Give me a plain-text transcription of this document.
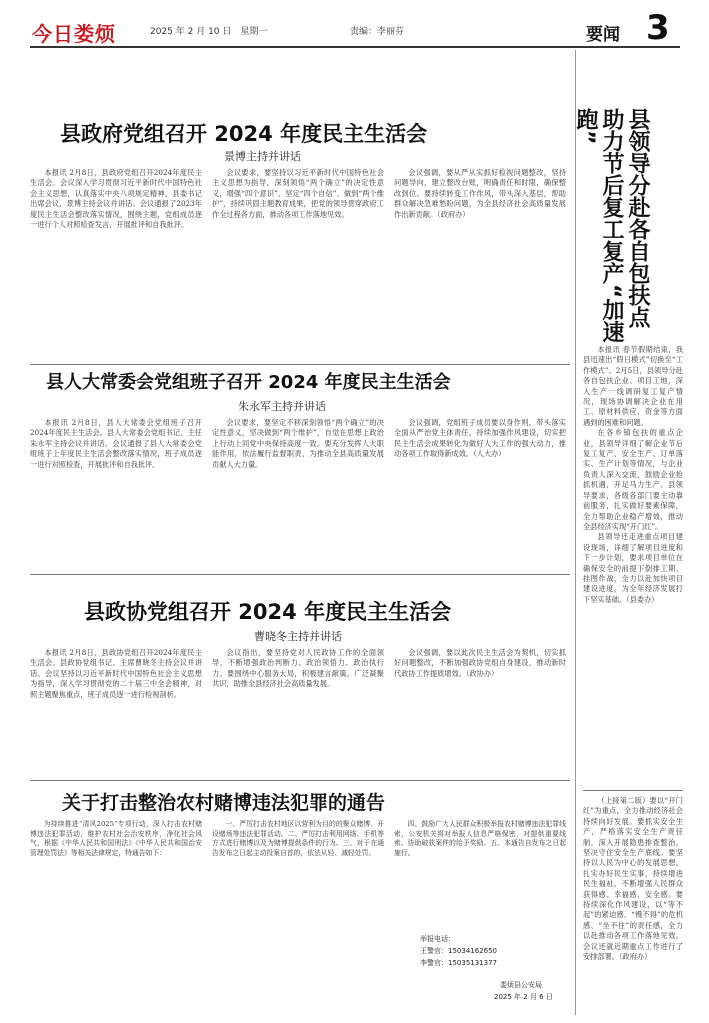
今日娄烦	2025 年 2 月 10 日　星期一	责编：李丽芬	要闻 3
县政府党组召开 2024 年度民主生活会
景博主持并讲话

本报讯 2月8日，县政府党组召开2024年度民主生活会。会议深入学习贯彻习近平新时代中国特色社会主义思想，认真落实中央八项规定精神，县委书记出席会议，景博主持会议并讲话。会议通报了2023年度民主生活会整改落实情况，围绕主题，党组成员逐一进行个人对照检查发言，开展批评和自我批评。

会议要求，要坚持以习近平新时代中国特色社会主义思想为指导，深刻领悟“两个确立”的决定性意义，增强“四个意识”、坚定“四个自信”、做到“两个维护”，持续巩固主题教育成果，把党的领导贯穿政府工作全过程各方面，推动各项工作落地见效。

会议强调，要从严从实抓好检视问题整改，坚持问题导向，建立整改台账，明确责任和时限，确保整改到位。要持续转变工作作风，带头深入基层，帮助群众解决急难愁盼问题，为全县经济社会高质量发展作出新贡献。（政府办）

县人大常委会党组班子召开 2024 年度民主生活会
朱永军主持并讲话

本报讯 2月8日，县人大常委会党组班子召开2024年度民主生活会。县人大常委会党组书记、主任朱永军主持会议并讲话。会议通报了县人大常委会党组班子上年度民主生活会整改落实情况，班子成员逐一进行对照检查，开展批评和自我批评。

会议要求，要坚定不移深刻领悟“两个确立”的决定性意义，坚决做到“两个维护”，自觉在思想上政治上行动上同党中央保持高度一致。要充分发挥人大职能作用，依法履行监督职责，为推动全县高质量发展贡献人大力量。

会议强调，党组班子成员要以身作则，带头落实全面从严治党主体责任，持续加强作风建设，切实把民主生活会成果转化为做好人大工作的强大动力，推动各项工作取得新成效。（人大办）

县政协党组召开 2024 年度民主生活会
曹晓冬主持并讲话

本报讯 2月8日，县政协党组召开2024年度民主生活会。县政协党组书记、主席曹晓冬主持会议并讲话。会议坚持以习近平新时代中国特色社会主义思想为指导，深入学习贯彻党的二十届三中全会精神，对照主题聚焦重点，班子成员逐一进行检视剖析。

会议指出，要坚持党对人民政协工作的全面领导，不断增强政治判断力、政治领悟力、政治执行力。要围绕中心服务大局，积极建言献策，广泛凝聚共识，助推全县经济社会高质量发展。

会议强调，要以此次民主生活会为契机，切实抓好问题整改，不断加强政协党组自身建设，推动新时代政协工作提质增效。（政协办）

县领导分赴各自包扶点
助力节后复工复产“加速跑”

本报讯 春节假期结束，我县迅速出“假日模式”切换至“工作模式”。2月5日，县领导分赴各自包扶企业、项目工地，深入生产一线调研复工复产情况，现场协调解决企业在用工、原材料供应、资金等方面遇到的困难和问题。

在各乡镇包扶的重点企业，县领导详细了解企业节后复工复产、安全生产、订单落实、生产计划等情况，与企业负责人深入交流，鼓励企业抢抓机遇，开足马力生产。县领导要求，各级各部门要主动靠前服务，扎实做好要素保障，全力帮助企业稳产增效，推动全县经济实现“开门红”。

县领导还走进重点项目建设现场，详细了解项目进度和下一步计划，要求项目单位在确保安全的前提下倒排工期、挂图作战，全力以赴加快项目建设进度，为全年经济发展打下坚实基础。（县委办）

（上接第二版）要以“开门红”为重点，全力推动经济社会持续向好发展。要抓实安全生产，严格落实安全生产责任制，深入开展隐患排查整治，坚决守住安全生产底线。要坚持以人民为中心的发展思想，扎实办好民生实事，持续增进民生福祉，不断增强人民群众获得感、幸福感、安全感。要持续深化作风建设，以“等不起”的紧迫感、“慢不得”的危机感、“坐不住”的责任感，全力以赴推动各项工作落地见效。会议还就近期重点工作进行了安排部署。（政府办）

关于打击整治农村赌博违法犯罪的通告

为持续推进“清风2025”专项行动，深入打击农村赌博违法犯罪活动，维护农村社会治安秩序，净化社会风气，根据《中华人民共和国刑法》《中华人民共和国治安管理处罚法》等相关法律规定，特通告如下：

一、严厉打击农村地区以营利为目的的聚众赌博、开设赌场等违法犯罪活动。二、严厉打击利用网络、手机等方式进行赌博以及为赌博提供条件的行为。三、对于在通告发布之日起主动投案自首的，依法从轻、减轻处罚。

四、鼓励广大人民群众积极举报农村赌博违法犯罪线索，公安机关将对举报人信息严格保密，对提供重要线索、协助破获案件的给予奖励。五、本通告自发布之日起施行。

举报电话：
王警官：15034162650
李警官：15035131377
娄烦县公安局
2025 年 2 月 6 日
